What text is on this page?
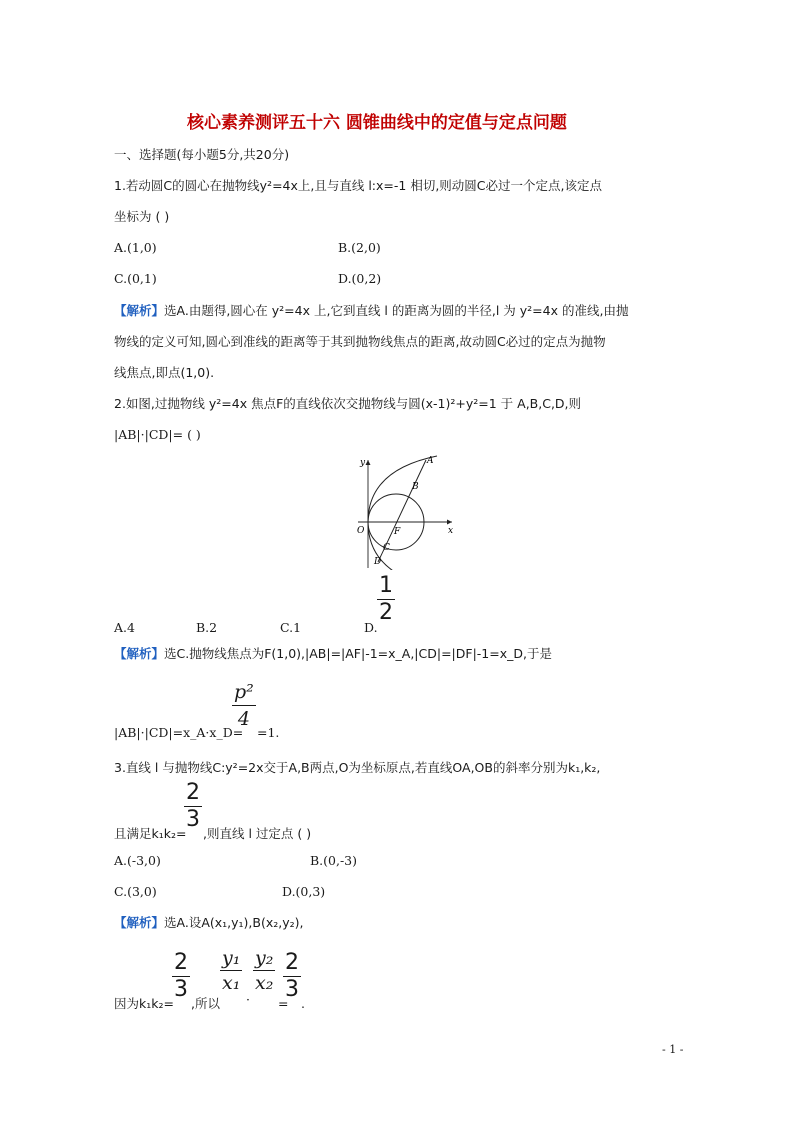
核心素养测评五十六 圆锥曲线中的定值与定点问题
一、选择题(每小题5分,共20分)
1.若动圆C的圆心在抛物线y²=4x上,且与直线 l:x=-1 相切,则动圆C必过一个定点,该定点
坐标为 ( )
A.(1,0)	B.(2,0)
C.(0,1)	D.(0,2)
【解析】选A.由题得,圆心在 y²=4x 上,它到直线 l 的距离为圆的半径,l 为 y²=4x 的准线,由抛
物线的定义可知,圆心到准线的距离等于其到抛物线焦点的距离,故动圆C必过的定点为抛物
线焦点,即点(1,0).
2.如图,过抛物线 y²=4x 焦点F的直线依次交抛物线与圆(x-1)²+y²=1 于 A,B,C,D,则
|AB|·|CD|= ( )
y
x
O	F
A
B
C
D
A.4	B.2	C.1	D.
$\frac{1}{2}$
【解析】选C.抛物线焦点为F(1,0),|AB|=|AF|-1=x_A,|CD|=|DF|-1=x_D,于是
|AB|·|CD|=x_A·x_D=
$\frac{\text{p²}}{4}$
=1.
3.直线 l 与抛物线C:y²=2x交于A,B两点,O为坐标原点,若直线OA,OB的斜率分别为k₁,k₂,
且满足k₁k₂=
$\frac{2}{3}$
,则直线 l 过定点 ( )
A.(-3,0)	B.(0,-3)
C.(3,0)	D.(0,3)
【解析】选A.设A(x₁,y₁),B(x₂,y₂),
因为k₁k₂=
$\frac{2}{3}$
,所以
$\frac{\text{y₁}}{\text{x₁}}$
·
$\frac{\text{y₂}}{\text{x₂}}$
=
$\frac{2}{3}$
.
- 1 -
